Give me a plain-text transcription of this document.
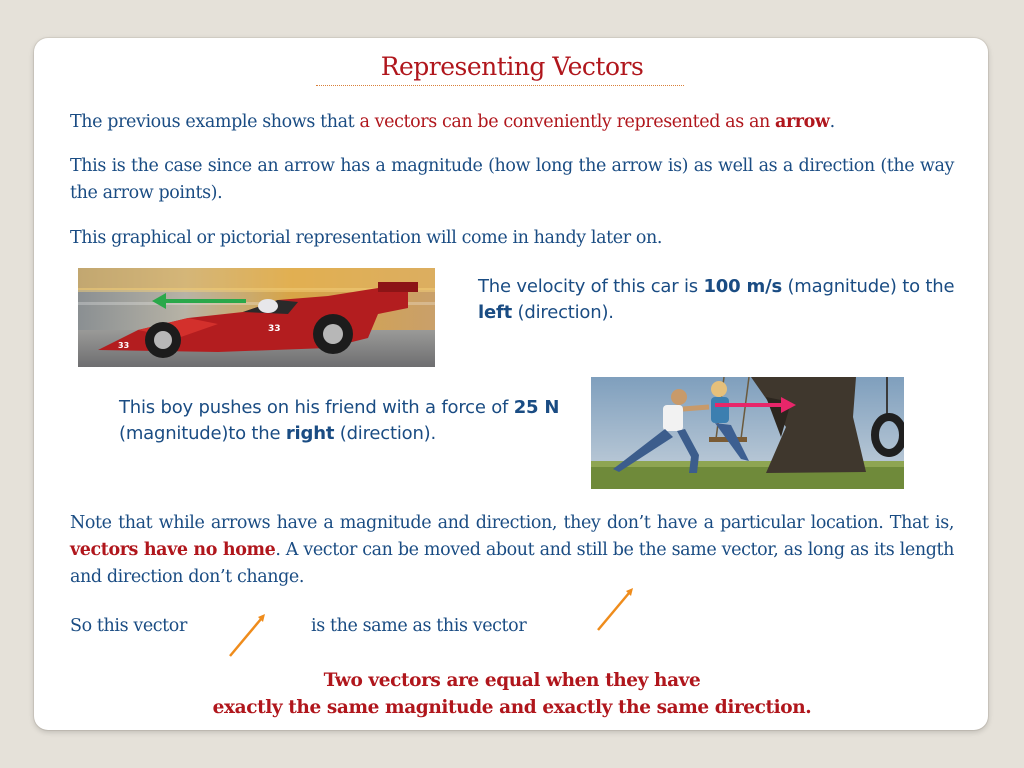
Representing Vectors
The previous example shows that a vectors can be conveniently represented as an arrow.
This is the case since an arrow has a magnitude (how long the arrow is) as well as a direction (the way the arrow points).
This graphical or pictorial representation will come in handy later on.
33
33
The velocity of this car is 100 m/s (magnitude) to the left (direction).
This boy pushes on his friend with a force of 25 N (magnitude)to the right (direction).
Note that while arrows have a magnitude and direction, they don’t have a particular location. That is, vectors have no home. A vector can be moved about and still be the same vector, as long as its length and direction don’t change.
So this vector	is the same as this vector
Two vectors are equal when they have
exactly the same magnitude and exactly the same direction.
